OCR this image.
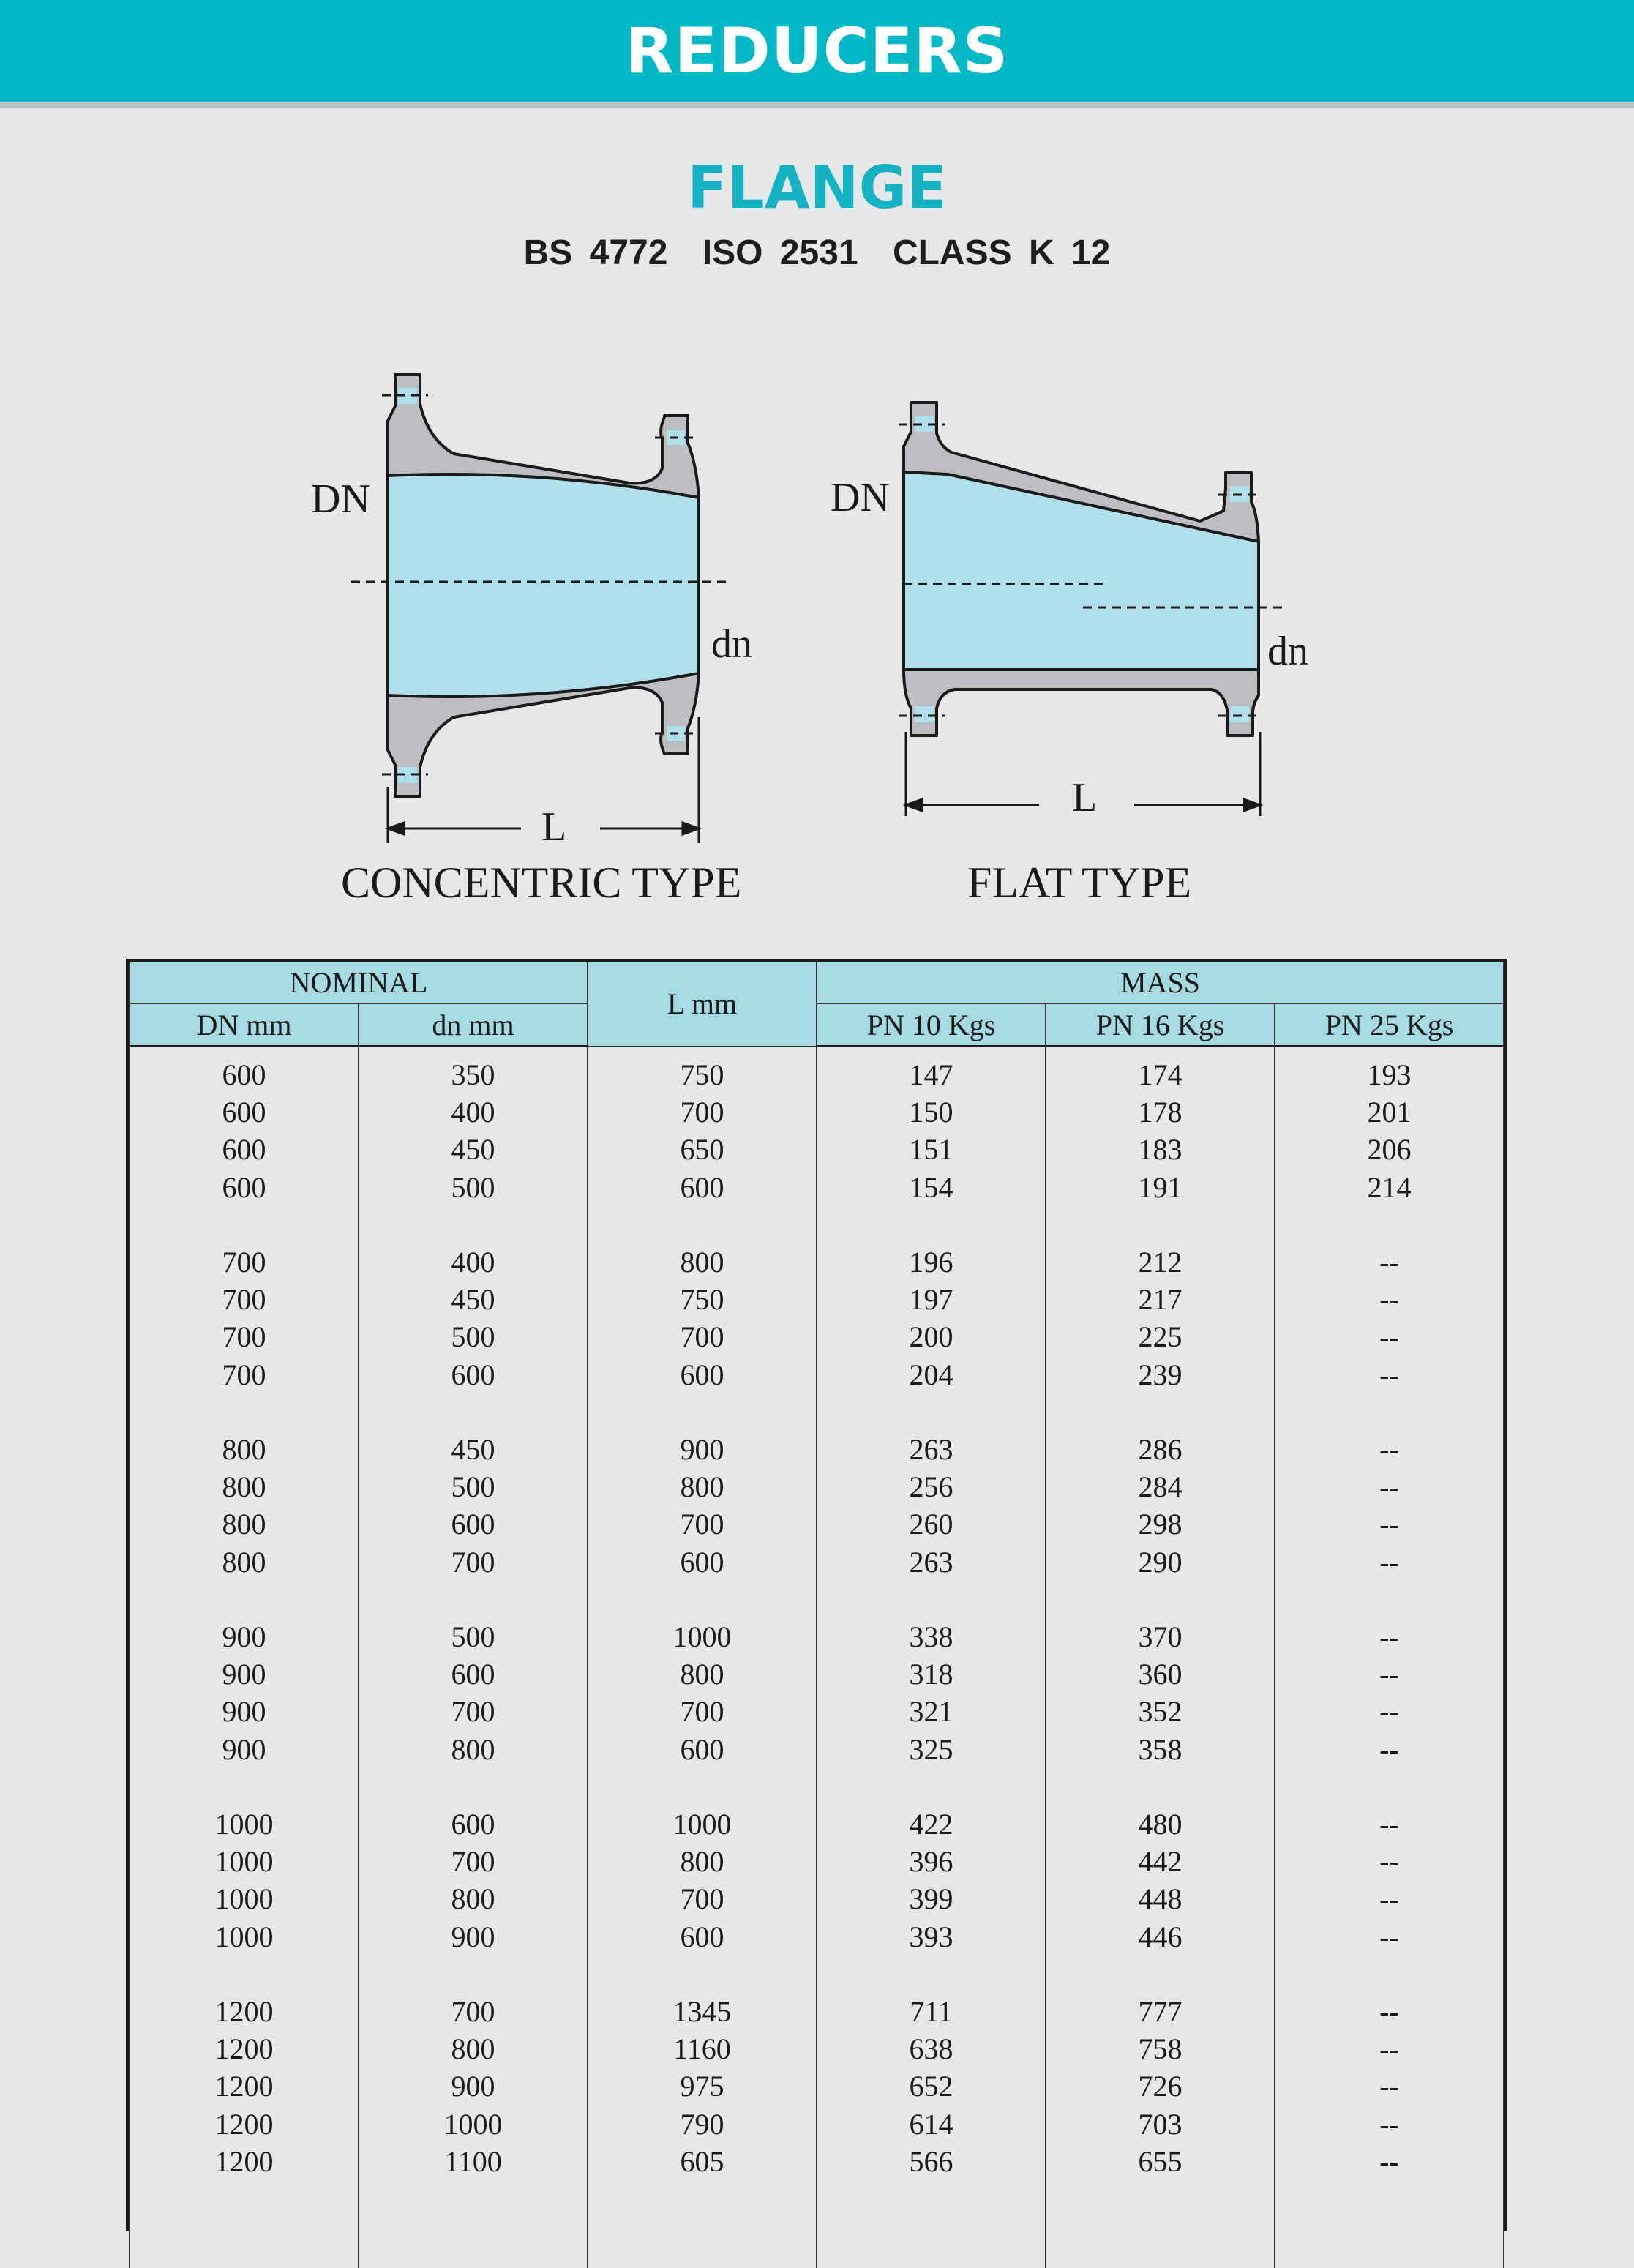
REDUCERS
FLANGE
BS 4772 ISO 2531 CLASS K 12
DN
dn
L
DN
dn
L
CONCENTRIC TYPE	FLAT TYPE
NOMINAL		L mm	MASS		
DN mm	dn mm		PN 10 Kgs	PN 16 Kgs	PN 25 Kgs

600	350	750	147	174	193
600	400	700	150	178	201
600	450	650	151	183	206
600	500	600	154	191	214

700	400	800	196	212	--
700	450	750	197	217	--
700	500	700	200	225	--
700	600	600	204	239	--

800	450	900	263	286	--
800	500	800	256	284	--
800	600	700	260	298	--
800	700	600	263	290	--

900	500	1000	338	370	--
900	600	800	318	360	--
900	700	700	321	352	--
900	800	600	325	358	--

1000	600	1000	422	480	--
1000	700	800	396	442	--
1000	800	700	399	448	--
1000	900	600	393	446	--

1200	700	1345	711	777	--
1200	800	1160	638	758	--
1200	900	975	652	726	--
1200	1000	790	614	703	--
1200	1100	605	566	655	--
